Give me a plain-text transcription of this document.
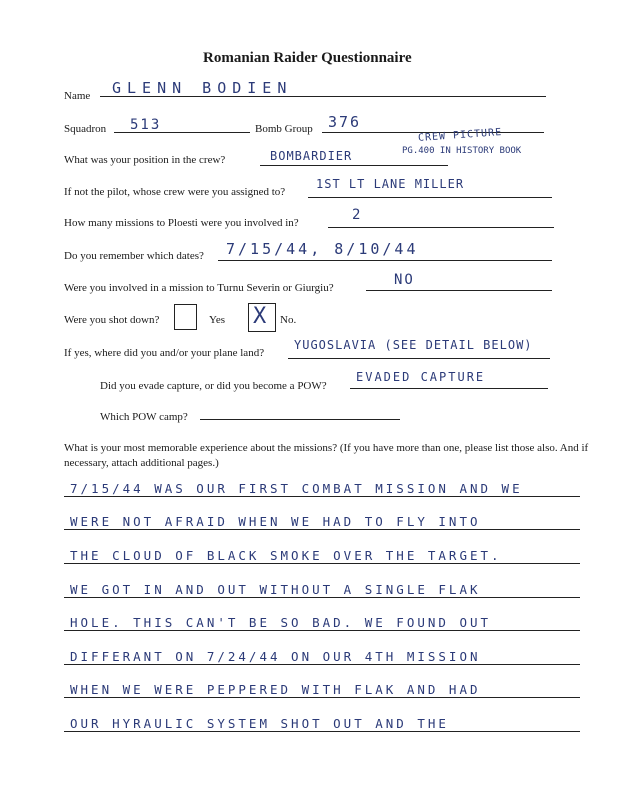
Romanian Raider Questionnaire
Name GLENN BODIEN
Squadron 513	Bomb Group 376
What was your position in the crew?	BOMBARDIER
CREW PICTURE
PG.400 IN HISTORY BOOK
If not the pilot, whose crew were you assigned to?
1ST LT LANE MILLER
How many missions to Ploesti were you involved in?	2
Do you remember which dates? 7/15/44, 8/10/44
Were you involved in a mission to Turnu Severin or Giurgiu?	NO
Were you shot down?	Yes X No.
If yes, where did you and/or your plane land?
YUGOSLAVIA (SEE DETAIL BELOW)
Did you evade capture, or did you become a POW?
EVADED CAPTURE
Which POW camp?
What is your most memorable experience about the missions? (If you have more than one, please list those also. And if necessary, attach additional pages.)
7/15/44 WAS OUR FIRST COMBAT MISSION AND WE
WERE NOT AFRAID WHEN WE HAD TO FLY INTO
THE CLOUD OF BLACK SMOKE OVER THE TARGET.
WE GOT IN AND OUT WITHOUT A SINGLE FLAK
HOLE. THIS CAN'T BE SO BAD. WE FOUND OUT
DIFFERANT ON 7/24/44 ON OUR 4TH MISSION
WHEN WE WERE PEPPERED WITH FLAK AND HAD
OUR HYRAULIC SYSTEM SHOT OUT AND THE
